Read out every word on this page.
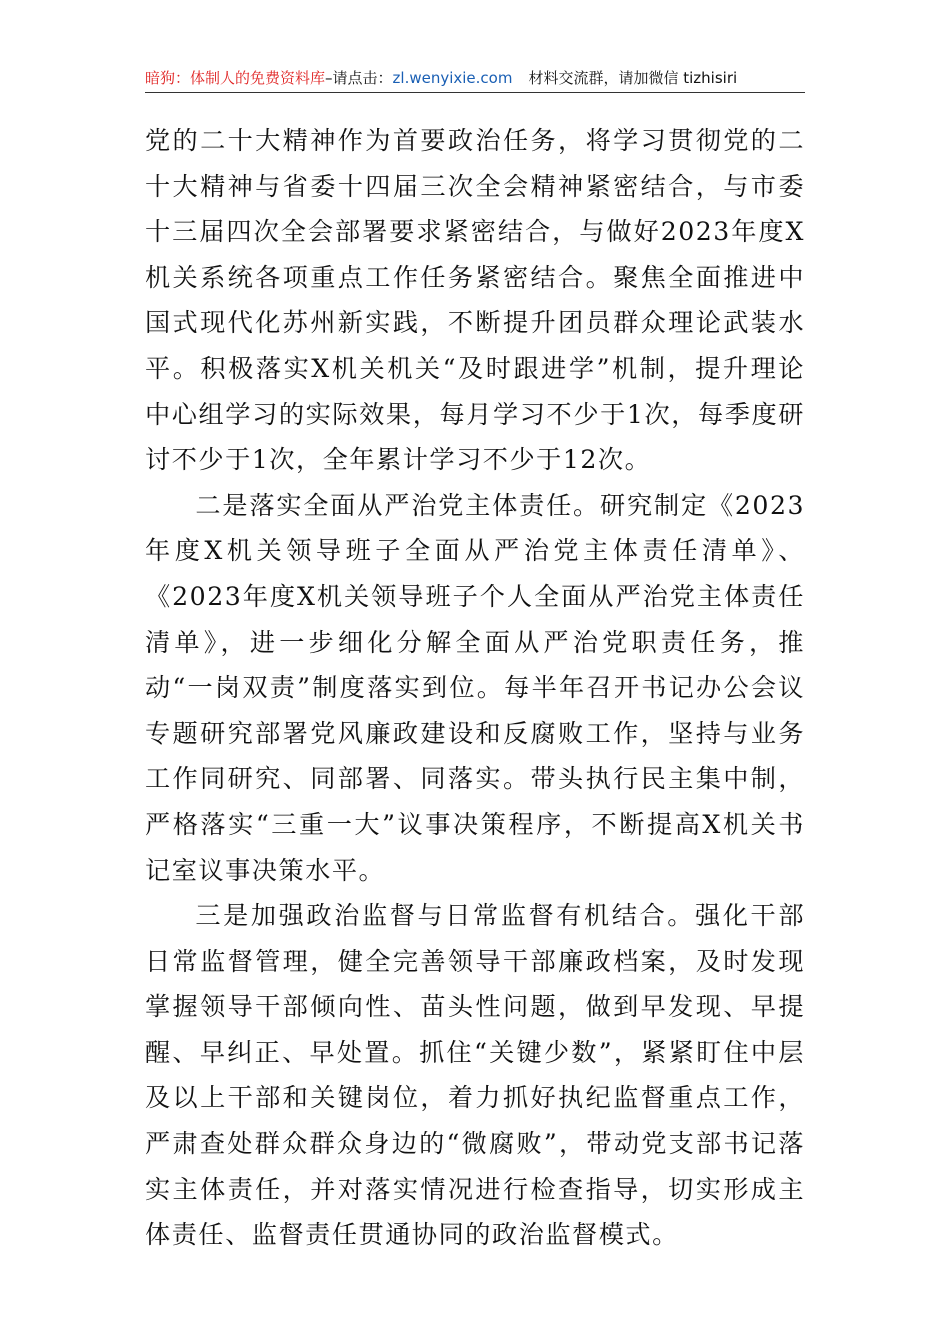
暗狗：体制人的免费资料库–请点击：zl.wenyixie.com 材料交流群，请加微信 tizhisiri

党的二十大精神作为首要政治任务，将学习贯彻党的二十大精神与省委十四届三次全会精神紧密结合，与市委十三届四次全会部署要求紧密结合，与做好2023年度X机关系统各项重点工作任务紧密结合。聚焦全面推进中国式现代化苏州新实践，不断提升团员群众理论武装水平。积极落实X机关机关“及时跟进学”机制，提升理论中心组学习的实际效果，每月学习不少于1次，每季度研讨不少于1次，全年累计学习不少于12次。

二是落实全面从严治党主体责任。研究制定《2023年度X机关领导班子全面从严治党主体责任清单》、《2023年度X机关领导班子个人全面从严治党主体责任清单》，进一步细化分解全面从严治党职责任务，推动“一岗双责”制度落实到位。每半年召开书记办公会议专题研究部署党风廉政建设和反腐败工作，坚持与业务工作同研究、同部署、同落实。带头执行民主集中制，严格落实“三重一大”议事决策程序，不断提高X机关书记室议事决策水平。

三是加强政治监督与日常监督有机结合。强化干部日常监督管理，健全完善领导干部廉政档案，及时发现掌握领导干部倾向性、苗头性问题，做到早发现、早提醒、早纠正、早处置。抓住“关键少数”，紧紧盯住中层及以上干部和关键岗位，着力抓好执纪监督重点工作，严肃查处群众群众身边的“微腐败”，带动党支部书记落实主体责任，并对落实情况进行检查指导，切实形成主体责任、监督责任贯通协同的政治监督模式。
